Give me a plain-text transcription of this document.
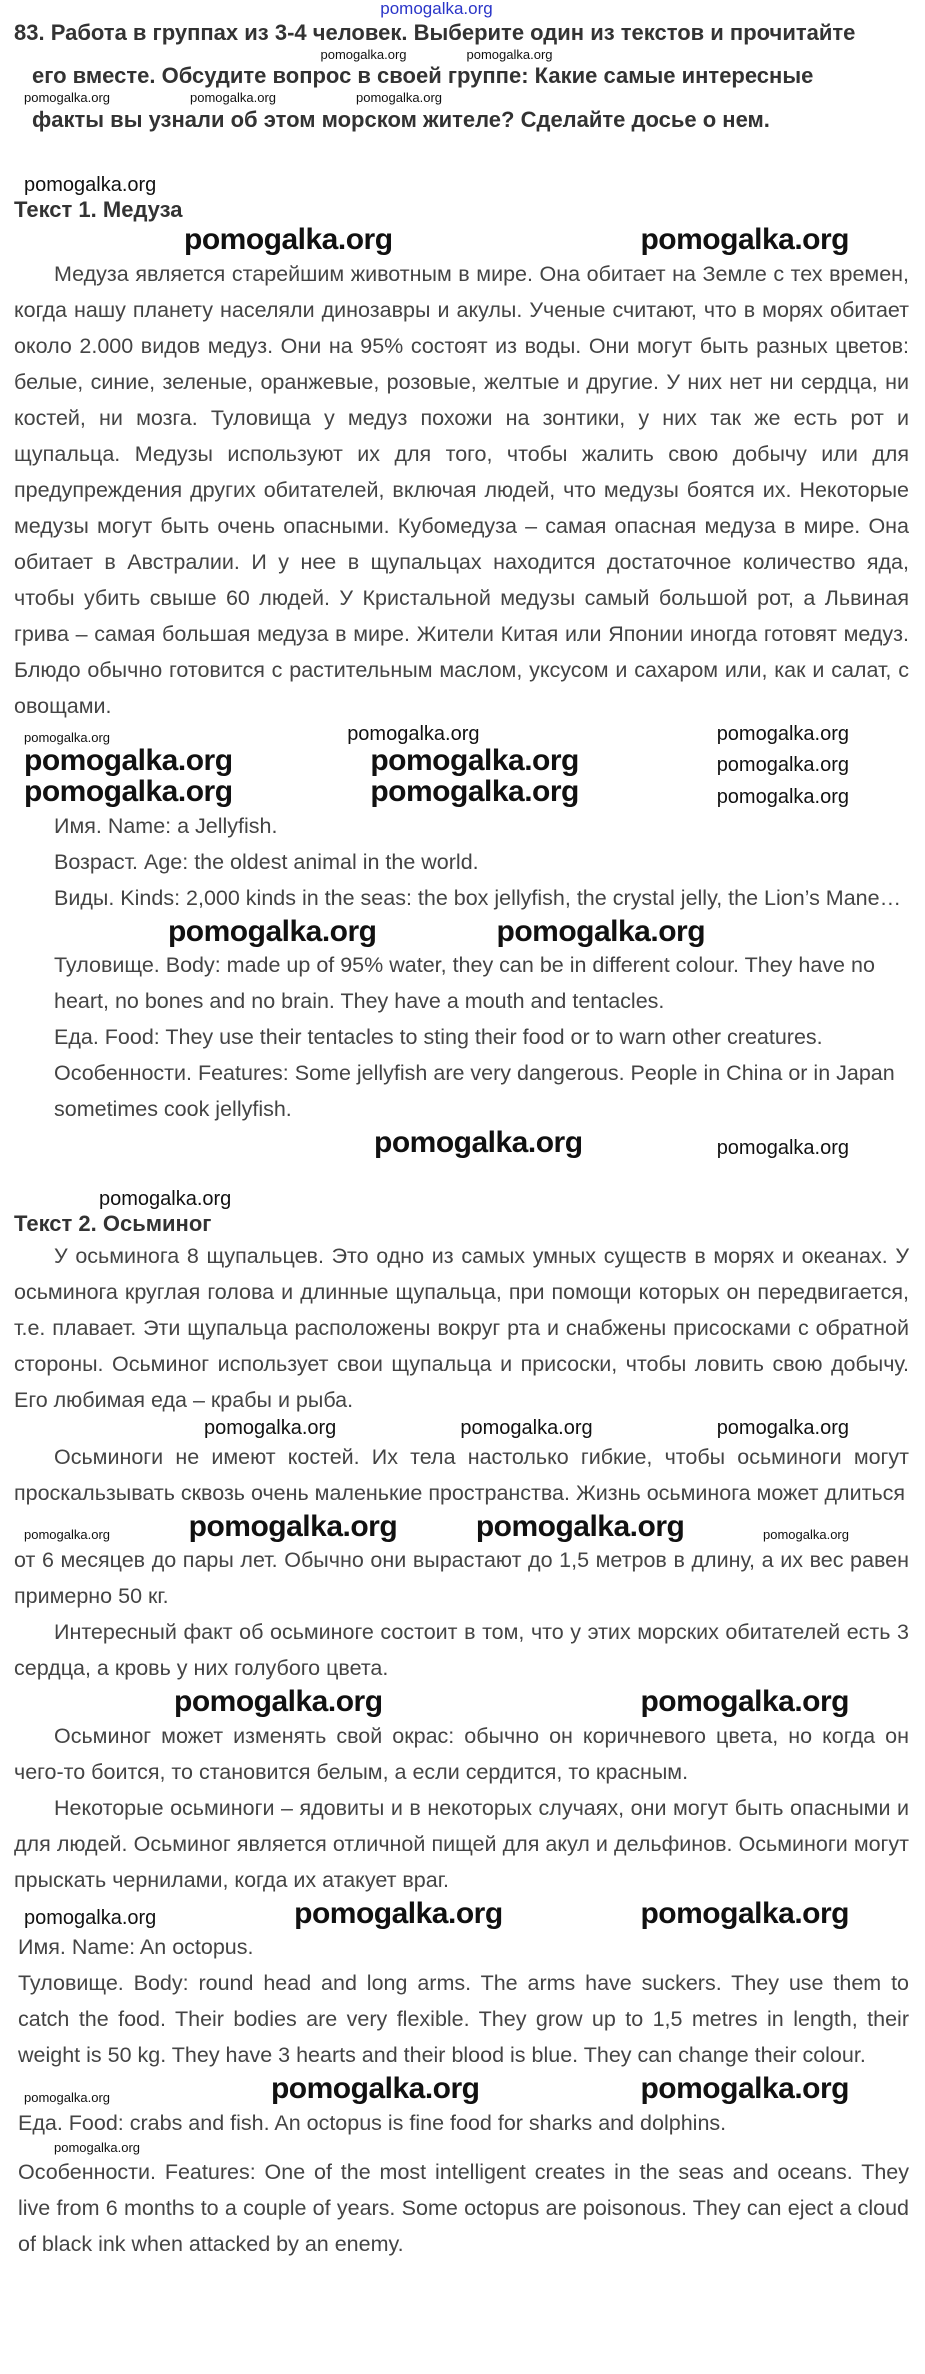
pomogalka.org

83. Работа в группах из 3-4 человек. Выберите один из текстов и прочитайте

pomogalka.org	pomogalka.org

его вместе. Обсудите вопрос в своей группе: Какие самые интересные

pomogalka.org	pomogalka.org	pomogalka.org

факты вы узнали об этом морском жителе? Сделайте досье о нем.

pomogalka.org

Текст 1. Медуза

pomogalka.org	pomogalka.org

Медуза является старейшим животным в мире. Она обитает на Земле с тех времен, когда нашу планету населяли динозавры и акулы. Ученые считают, что в морях обитает около 2.000 видов медуз. Они на 95% состоят из воды. Они могут быть разных цветов: белые, синие, зеленые, оранжевые, розовые, желтые и другие. У них нет ни сердца, ни костей, ни мозга. Туловища у медуз похожи на зонтики, у них так же есть рот и щупальца. Медузы используют их для того, чтобы жалить свою добычу или для предупреждения других обитателей, включая людей, что медузы боятся их. Некоторые медузы могут быть очень опасными. Кубомедуза – самая опасная медуза в мире. Она обитает в Австралии. И у нее в щупальцах находится достаточное количество яда, чтобы убить свыше 60 людей. У Кристальной медузы самый большой рот, а Львиная грива – самая большая медуза в мире. Жители Китая или Японии иногда готовят медуз. Блюдо обычно готовится с растительным маслом, уксусом и сахаром или, как и салат, с овощами.

pomogalka.org	pomogalka.org	pomogalka.org
pomogalka.org	pomogalka.org	pomogalka.org
pomogalka.org	pomogalka.org	pomogalka.org

Имя. Name: a Jellyfish.

Возраст. Age: the oldest animal in the world.

Виды. Kinds: 2,000 kinds in the seas: the box jellyfish, the crystal jelly, the Lion’s Mane…

pomogalka.org	pomogalka.org

Туловище. Body: made up of 95% water, they can be in different colour. They have no heart, no bones and no brain. They have a mouth and tentacles.

Еда. Food: They use their tentacles to sting their food or to warn other creatures.

Особенности. Features: Some jellyfish are very dangerous. People in China or in Japan sometimes cook jellyfish.

pomogalka.org	pomogalka.org
pomogalka.org

Текст 2. Осьминог

У осьминога 8 щупальцев. Это одно из самых умных существ в морях и океанах. У осьминога круглая голова и длинные щупальца, при помощи которых он передвигается, т.е. плавает. Эти щупальца расположены вокруг рта и снабжены присосками с обратной стороны. Осьминог использует свои щупальца и присоски, чтобы ловить свою добычу. Его любимая еда – крабы и рыба.

pomogalka.org	pomogalka.org	pomogalka.org

Осьминоги не имеют костей. Их тела настолько гибкие, чтобы осьминоги могут проскальзывать сквозь очень маленькие пространства. Жизнь осьминога может длиться

pomogalka.org	pomogalka.org	pomogalka.org	pomogalka.org

от 6 месяцев до пары лет. Обычно они вырастают до 1,5 метров в длину, а их вес равен примерно 50 кг.

Интересный факт об осьминоге состоит в том, что у этих морских обитателей есть 3 сердца, а кровь у них голубого цвета.

pomogalka.org	pomogalka.org

Осьминог может изменять свой окрас: обычно он коричневого цвета, но когда он чего-то боится, то становится белым, а если сердится, то красным.

Некоторые осьминоги – ядовиты и в некоторых случаях, они могут быть опасными и для людей. Осьминог является отличной пищей для акул и дельфинов. Осьминоги могут прыскать чернилами, когда их атакует враг.

pomogalka.org	pomogalka.org	pomogalka.org

Имя. Name: An octopus.

Туловище. Body: round head and long arms. The arms have suckers. They use them to catch the food. Their bodies are very flexible. They grow up to 1,5 metres in length, their weight is 50 kg. They have 3 hearts and their blood is blue. They can change their colour.

pomogalka.org	pomogalka.org	pomogalka.org

Еда. Food: crabs and fish. An octopus is fine food for sharks and dolphins.

pomogalka.org

Особенности. Features: One of the most intelligent creates in the seas and oceans. They live from 6 months to a couple of years. Some octopus are poisonous. They can eject a cloud of black ink when attacked by an enemy.
